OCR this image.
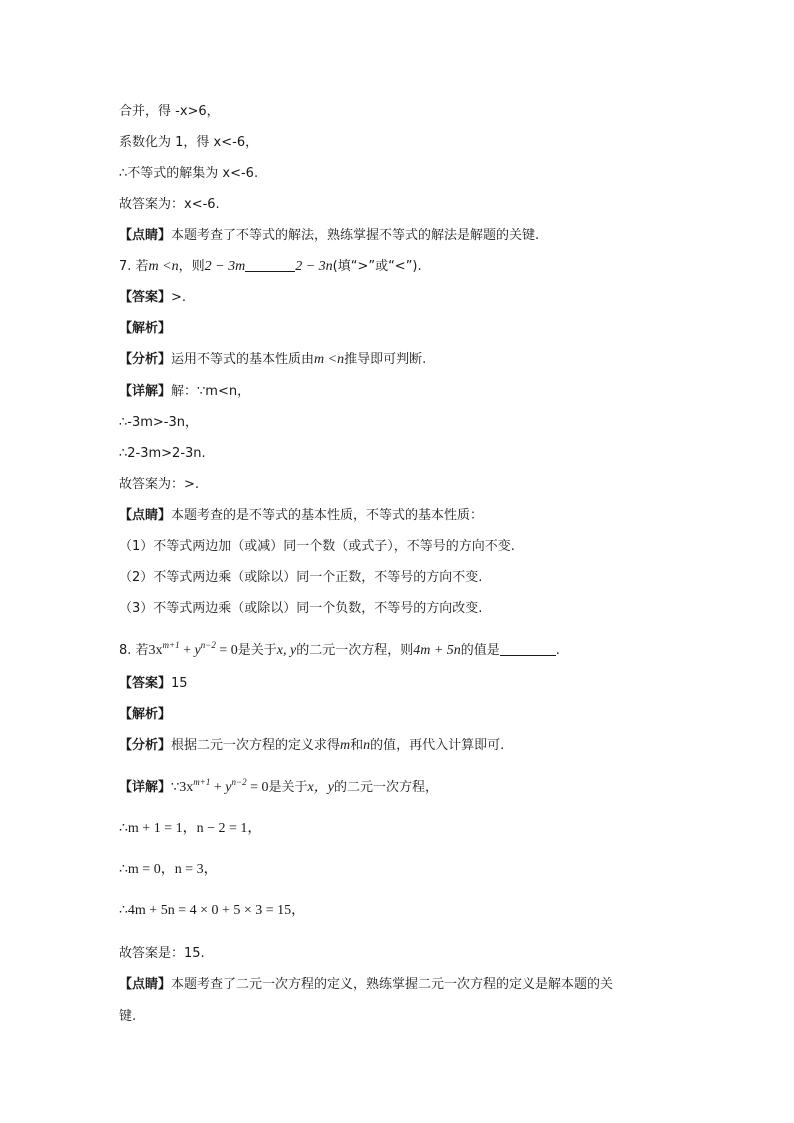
合并，得 -x>6，
系数化为 1，得 x<-6，
∴不等式的解集为 x<-6.
故答案为：x<-6.
【点睛】本题考查了不等式的解法，熟练掌握不等式的解法是解题的关键.
7. 若m <n，则2 − 3m	2 − 3n(填“>”或“<”).
【答案】>.
【解析】
【分析】运用不等式的基本性质由m <n推导即可判断.
【详解】解：∵m<n，
∴-3m>-3n，
∴2-3m>2-3n.
故答案为：>.
【点睛】本题考查的是不等式的基本性质，不等式的基本性质：
（1）不等式两边加（或减）同一个数（或式子），不等号的方向不变.
（2）不等式两边乘（或除以）同一个正数，不等号的方向不变.
（3）不等式两边乘（或除以）同一个负数，不等号的方向改变.
8. 若$3x^{m+1} + y^{n-2} = 0$是关于x, y的二元一次方程，则4m + 5n的值是	.
【答案】15
【解析】
【分析】根据二元一次方程的定义求得m和n的值，再代入计算即可.
【详解】$\because 3x^{m+1} + y^{n-2} = 0$是关于x，y的二元一次方程，
∴m + 1 = 1，n − 2 = 1，
∴m = 0，n = 3，
∴4m + 5n = 4 × 0 + 5 × 3 = 15，
故答案是：15.
【点睛】本题考查了二元一次方程的定义，熟练掌握二元一次方程的定义是解本题的关
键.
